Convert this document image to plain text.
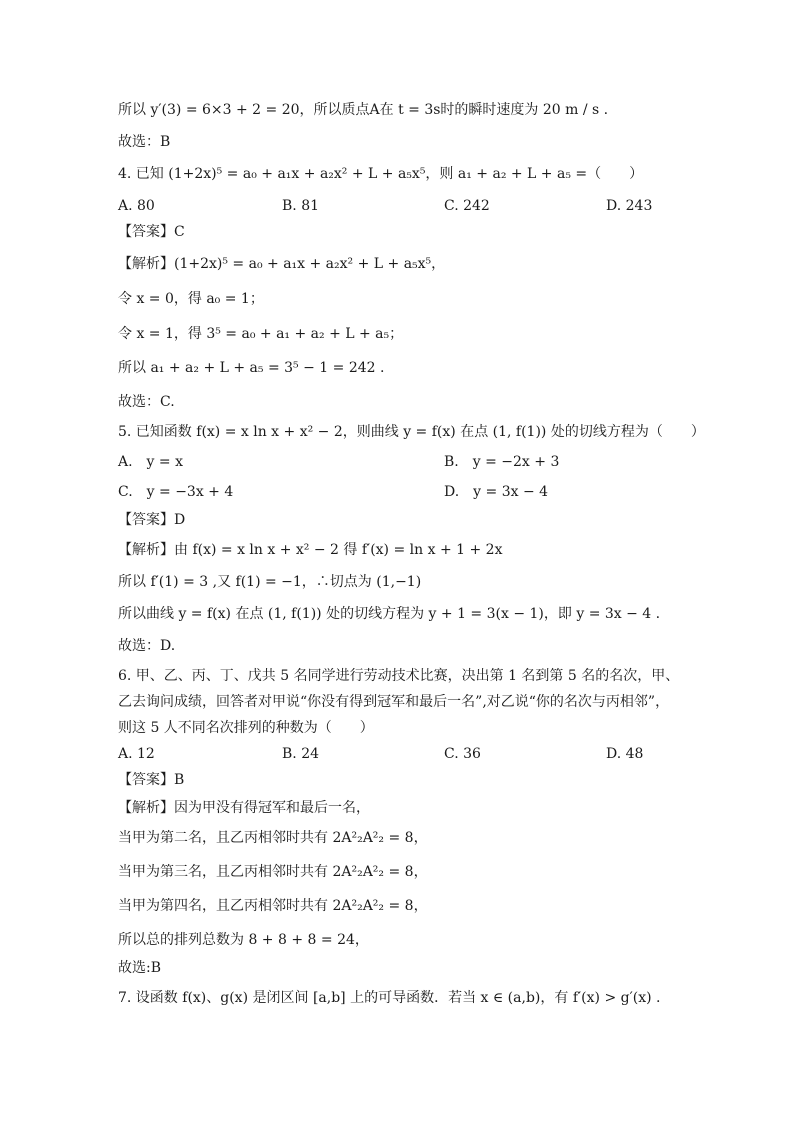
所以 y′(3) = 6×3 + 2 = 20，所以质点A在 t = 3s时的瞬时速度为 20 m / s .
故选：B
4. 已知 (1+2x)⁵ = a₀ + a₁x + a₂x² + L + a₅x⁵，则 a₁ + a₂ + L + a₅ =（　　）
A. 80	B. 81	C. 242	D. 243
【答案】C
【解析】(1+2x)⁵ = a₀ + a₁x + a₂x² + L + a₅x⁵，
令 x = 0，得 a₀ = 1；
令 x = 1，得 3⁵ = a₀ + a₁ + a₂ + L + a₅；
所以 a₁ + a₂ + L + a₅ = 3⁵ − 1 = 242 .
故选：C.
5. 已知函数 f(x) = x ln x + x² − 2，则曲线 y = f(x) 在点 (1, f(1)) 处的切线方程为（　　）
A.　y = x	B.　y = −2x + 3
C.　y = −3x + 4	D.　y = 3x − 4
【答案】D
【解析】由 f(x) = x ln x + x² − 2 得 f′(x) = ln x + 1 + 2x
所以 f′(1) = 3 ,又 f(1) = −1，∴切点为 (1,−1)
所以曲线 y = f(x) 在点 (1, f(1)) 处的切线方程为 y + 1 = 3(x − 1)，即 y = 3x − 4 .
故选：D.
6. 甲、乙、丙、丁、戊共 5 名同学进行劳动技术比赛，决出第 1 名到第 5 名的名次，甲、
乙去询问成绩，回答者对甲说“你没有得到冠军和最后一名”,对乙说“你的名次与丙相邻”，
则这 5 人不同名次排列的种数为（　　）
A. 12	B. 24	C. 36	D. 48
【答案】B
【解析】因为甲没有得冠军和最后一名，
当甲为第二名，且乙丙相邻时共有 2A²₂A²₂ = 8，
当甲为第三名，且乙丙相邻时共有 2A²₂A²₂ = 8，
当甲为第四名，且乙丙相邻时共有 2A²₂A²₂ = 8，
所以总的排列总数为 8 + 8 + 8 = 24，
故选:B
7. 设函数 f(x)、g(x) 是闭区间 [a,b] 上的可导函数．若当 x ∈ (a,b)，有 f′(x) > g′(x) .
